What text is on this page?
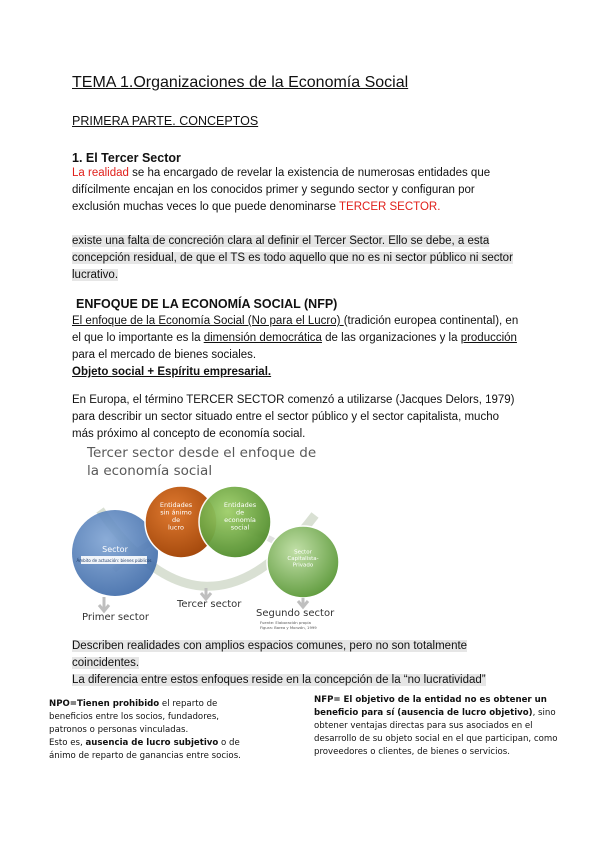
TEMA 1.Organizaciones de la Economía Social
PRIMERA PARTE. CONCEPTOS
1. El Tercer Sector
La realidad se ha encargado de revelar la existencia de numerosas entidades que
difícilmente encajan en los conocidos primer y segundo sector y configuran por
exclusión muchas veces lo que puede denominarse TERCER SECTOR.
existe una falta de concreción clara al definir el Tercer Sector. Ello se debe, a esta
concepción residual, de que el TS es todo aquello que no es ni sector público ni sector
lucrativo.
ENFOQUE DE LA ECONOMÍA SOCIAL (NFP)
El enfoque de la Economía Social (No para el Lucro) (tradición europea continental), en
el que lo importante es la dimensión democrática de las organizaciones y la producción
para el mercado de bienes sociales.
Objeto social + Espíritu empresarial.
En Europa, el término TERCER SECTOR comenzó a utilizarse (Jacques Delors, 1979)
para describir un sector situado entre el sector público y el sector capitalista, mucho
más próximo al concepto de economía social.
Tercer sector desde el enfoque de
la economía social
Sector
Ámbito de actuación: bienes públicos
Entidades
sin ánimo
de
lucro
Entidades
de
economía
social
Sector
Capitalista-
Privado
Primer sector
Tercer sector
Segundo sector
Fuente: Elaboración propia
Figura: Barea y Monzón, 1999
Describen realidades con amplios espacios comunes, pero no son totalmente
coincidentes.
La diferencia entre estos enfoques reside en la concepción de la “no lucratividad”
NPO=Tienen prohibido el reparto de
beneficios entre los socios, fundadores,
patronos o personas vinculadas.
Esto es, ausencia de lucro subjetivo o de
ánimo de reparto de ganancias entre socios.
NFP= El objetivo de la entidad no es obtener un
beneficio para sí (ausencia de lucro objetivo), sino
obtener ventajas directas para sus asociados en el
desarrollo de su objeto social en el que participan, como
proveedores o clientes, de bienes o servicios.
